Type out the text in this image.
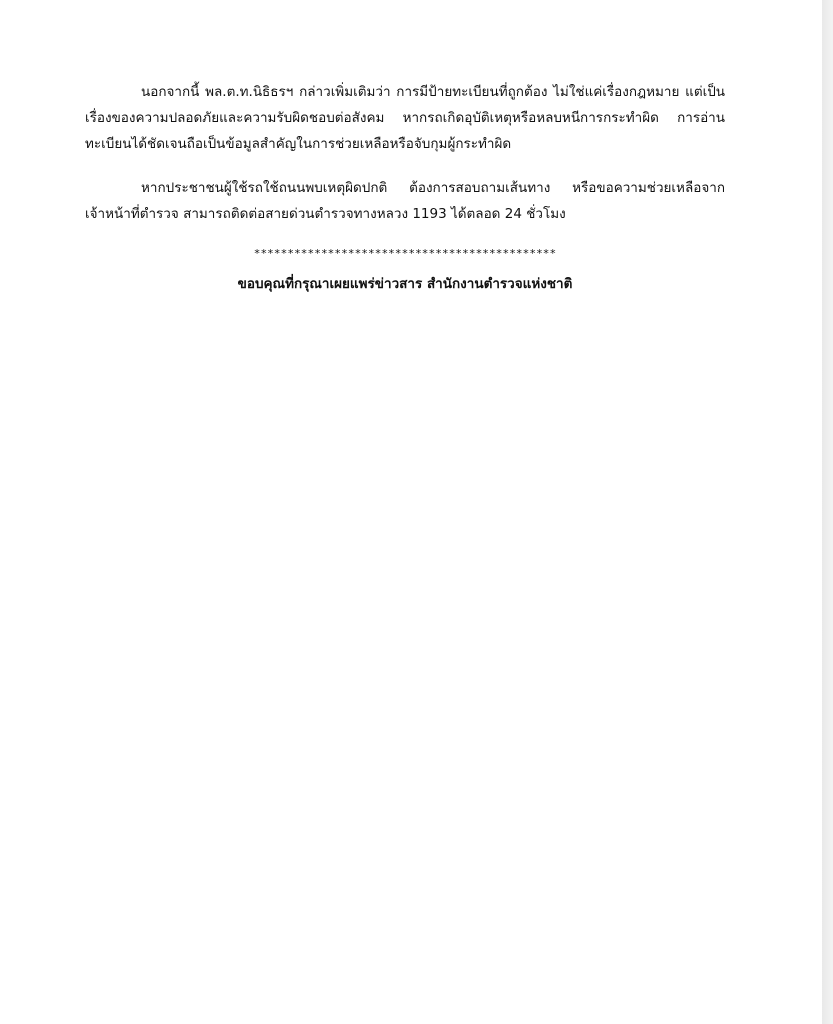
นอกจากนี้ พล.ต.ท.นิธิธรฯ กล่าวเพิ่มเติมว่า การมีป้ายทะเบียนที่ถูกต้อง ไม่ใช่แค่เรื่องกฎหมาย แต่เป็น
เรื่องของความปลอดภัยและความรับผิดชอบต่อสังคม หากรถเกิดอุบัติเหตุหรือหลบหนีการกระทำผิด การอ่าน
ทะเบียนได้ชัดเจนถือเป็นข้อมูลสำคัญในการช่วยเหลือหรือจับกุมผู้กระทำผิด
หากประชาชนผู้ใช้รถใช้ถนนพบเหตุผิดปกติ ต้องการสอบถามเส้นทาง หรือขอความช่วยเหลือจาก
เจ้าหน้าที่ตำรวจ สามารถติดต่อสายด่วนตำรวจทางหลวง 1193 ได้ตลอด 24 ชั่วโมง
*********************************************
ขอบคุณที่กรุณาเผยแพร่ข่าวสาร สำนักงานตำรวจแห่งชาติ
